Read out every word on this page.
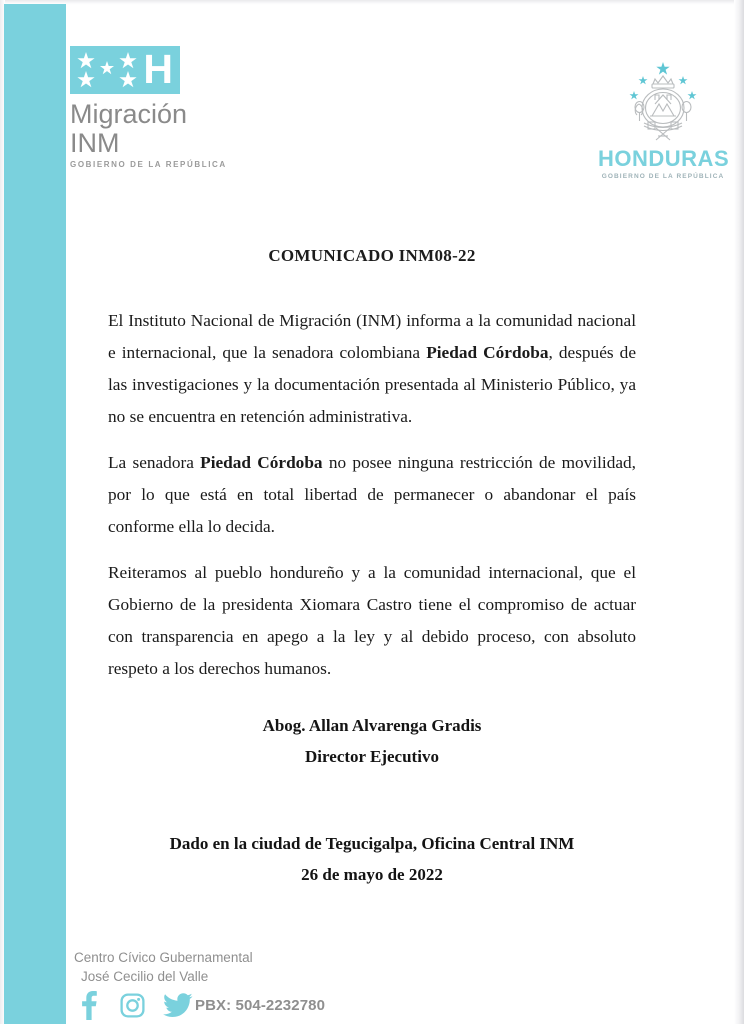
H
Migración
INM
GOBIERNO DE LA REPÚBLICA	HONDURAS
GOBIERNO DE LA REPÚBLICA
COMUNICADO INM08-22

El Instituto Nacional de Migración (INM) informa a la comunidad nacional e internacional, que la senadora colombiana Piedad Córdoba, después de las investigaciones y la documentación presentada al Ministerio Público, ya no se encuentra en retención administrativa.

La senadora Piedad Córdoba no posee ninguna restricción de movilidad, por lo que está en total libertad de permanecer o abandonar el país conforme ella lo decida.

Reiteramos al pueblo hondureño y a la comunidad internacional, que el Gobierno de la presidenta Xiomara Castro tiene el compromiso de actuar con transparencia en apego a la ley y al debido proceso, con absoluto respeto a los derechos humanos.

Abog. Allan Alvarenga Gradis
Director Ejecutivo
Dado en la ciudad de Tegucigalpa, Oficina Central INM
26 de mayo de 2022
Centro Cívico Gubernamental
José Cecilio del Valle
PBX: 504-2232780
